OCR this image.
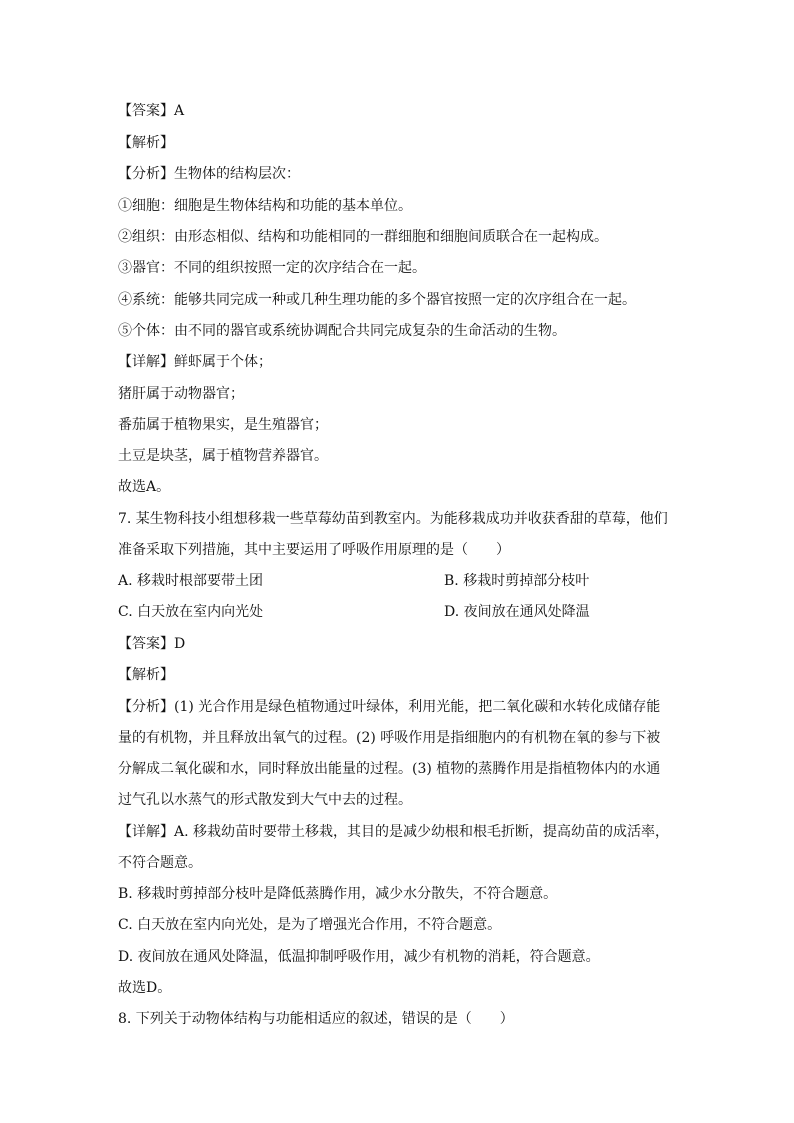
【答案】A
【解析】
【分析】生物体的结构层次：
①细胞：细胞是生物体结构和功能的基本单位。
②组织：由形态相似、结构和功能相同的一群细胞和细胞间质联合在一起构成。
③器官：不同的组织按照一定的次序结合在一起。
④系统：能够共同完成一种或几种生理功能的多个器官按照一定的次序组合在一起。
⑤个体：由不同的器官或系统协调配合共同完成复杂的生命活动的生物。
【详解】鲜虾属于个体；
猪肝属于动物器官；
番茄属于植物果实，是生殖器官；
土豆是块茎，属于植物营养器官。
故选A。
7. 某生物科技小组想移栽一些草莓幼苗到教室内。为能移栽成功并收获香甜的草莓，他们
准备采取下列措施，其中主要运用了呼吸作用原理的是（　　）
A. 移栽时根部要带土团	B. 移栽时剪掉部分枝叶
C. 白天放在室内向光处	D. 夜间放在通风处降温
【答案】D
【解析】
【分析】(1) 光合作用是绿色植物通过叶绿体，利用光能，把二氧化碳和水转化成储存能
量的有机物，并且释放出氧气的过程。(2) 呼吸作用是指细胞内的有机物在氧的参与下被
分解成二氧化碳和水，同时释放出能量的过程。(3) 植物的蒸腾作用是指植物体内的水通
过气孔以水蒸气的形式散发到大气中去的过程。
【详解】A. 移栽幼苗时要带土移栽，其目的是减少幼根和根毛折断，提高幼苗的成活率，
不符合题意。
B. 移栽时剪掉部分枝叶是降低蒸腾作用，减少水分散失，不符合题意。
C. 白天放在室内向光处，是为了增强光合作用，不符合题意。
D. 夜间放在通风处降温，低温抑制呼吸作用，减少有机物的消耗，符合题意。
故选D。
8. 下列关于动物体结构与功能相适应的叙述，错误的是（　　）
